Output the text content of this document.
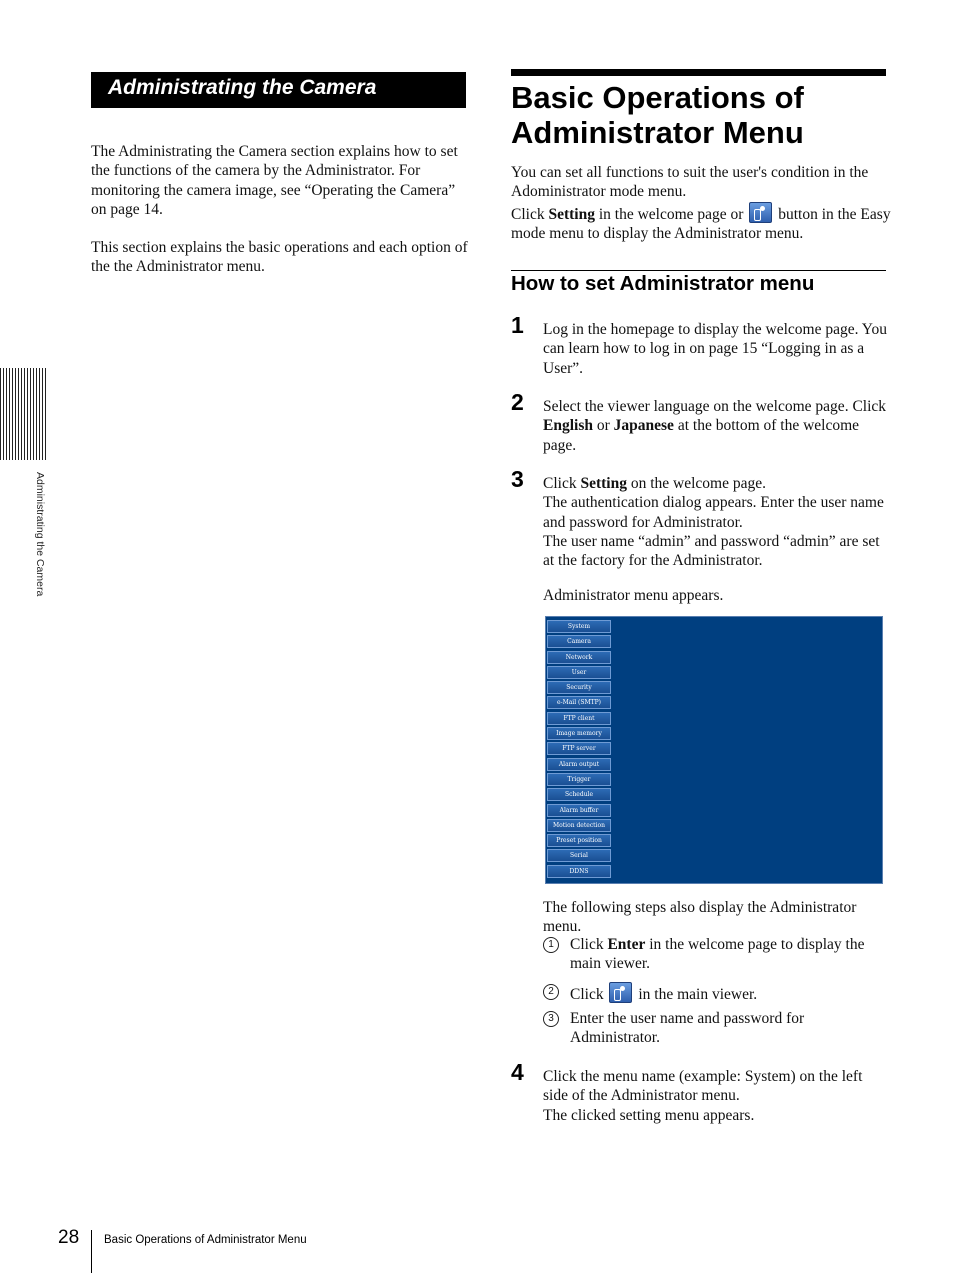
Administrating the Camera

The Administrating the Camera section explains how to set the functions of the camera by the Administrator. For monitoring the camera image, see “Operating the Camera” on page 14.

This section explains the basic operations and each option of the the Administrator menu.

Administrating the Camera
Basic Operations of
Administrator Menu

You can set all functions to suit the user's condition in the Adoministrator mode menu.

Click Setting in the welcome page or  button in the Easy mode menu to display the Administrator menu.

How to set Administrator menu
1 Log in the homepage to display the welcome page. You can learn how to log in on page 15 “Logging in as a User”.

2 Select the viewer language on the welcome page. Click English or Japanese at the bottom of the welcome page.

3 Click Setting on the welcome page.

The authentication dialog appears. Enter the user name and password for Administrator.

The user name “admin” and password “admin” are set at the factory for the Administrator.

Administrator menu appears.

System
Camera
Network
User
Security
e-Mail (SMTP)
FTP client
Image memory
FTP server
Alarm output
Trigger
Schedule
Alarm buffer
Motion detection
Preset position
Serial
DDNS

The following steps also display the Administrator menu.

1	Click Enter in the welcome page to display the main viewer.

2	Click  in the main viewer.

3	Enter the user name and password for Administrator.

4 Click the menu name (example: System) on the left side of the Administrator menu.

The clicked setting menu appears.

28 Basic Operations of Administrator Menu
